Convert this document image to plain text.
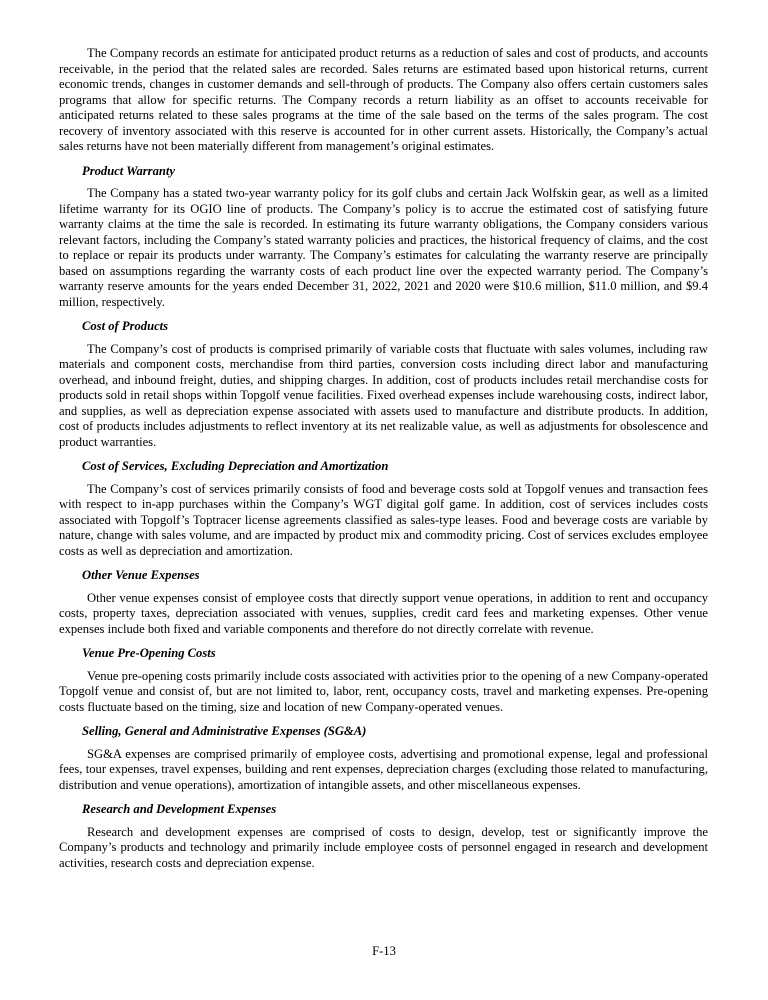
The Company records an estimate for anticipated product returns as a reduction of sales and cost of products, and accounts receivable, in the period that the related sales are recorded. Sales returns are estimated based upon historical returns, current economic trends, changes in customer demands and sell-through of products. The Company also offers certain customers sales programs that allow for specific returns. The Company records a return liability as an offset to accounts receivable for anticipated returns related to these sales programs at the time of the sale based on the terms of the sales program. The cost recovery of inventory associated with this reserve is accounted for in other current assets. Historically, the Company’s actual sales returns have not been materially different from management’s original estimates.

Product Warranty

The Company has a stated two-year warranty policy for its golf clubs and certain Jack Wolfskin gear, as well as a limited lifetime warranty for its OGIO line of products. The Company’s policy is to accrue the estimated cost of satisfying future warranty claims at the time the sale is recorded. In estimating its future warranty obligations, the Company considers various relevant factors, including the Company’s stated warranty policies and practices, the historical frequency of claims, and the cost to replace or repair its products under warranty. The Company’s estimates for calculating the warranty reserve are principally based on assumptions regarding the warranty costs of each product line over the expected warranty period. The Company’s warranty reserve amounts for the years ended December 31, 2022, 2021 and 2020 were $10.6 million, $11.0 million, and $9.4 million, respectively.

Cost of Products

The Company’s cost of products is comprised primarily of variable costs that fluctuate with sales volumes, including raw materials and component costs, merchandise from third parties, conversion costs including direct labor and manufacturing overhead, and inbound freight, duties, and shipping charges. In addition, cost of products includes retail merchandise costs for products sold in retail shops within Topgolf venue facilities. Fixed overhead expenses include warehousing costs, indirect labor, and supplies, as well as depreciation expense associated with assets used to manufacture and distribute products. In addition, cost of products includes adjustments to reflect inventory at its net realizable value, as well as adjustments for obsolescence and product warranties.

Cost of Services, Excluding Depreciation and Amortization

The Company’s cost of services primarily consists of food and beverage costs sold at Topgolf venues and transaction fees with respect to in-app purchases within the Company’s WGT digital golf game. In addition, cost of services includes costs associated with Topgolf’s Toptracer license agreements classified as sales-type leases. Food and beverage costs are variable by nature, change with sales volume, and are impacted by product mix and commodity pricing. Cost of services excludes employee costs as well as depreciation and amortization.

Other Venue Expenses

Other venue expenses consist of employee costs that directly support venue operations, in addition to rent and occupancy costs, property taxes, depreciation associated with venues, supplies, credit card fees and marketing expenses. Other venue expenses include both fixed and variable components and therefore do not directly correlate with revenue.

Venue Pre-Opening Costs

Venue pre-opening costs primarily include costs associated with activities prior to the opening of a new Company-operated Topgolf venue and consist of, but are not limited to, labor, rent, occupancy costs, travel and marketing expenses. Pre-opening costs fluctuate based on the timing, size and location of new Company-operated venues.

Selling, General and Administrative Expenses (SG&A)

SG&A expenses are comprised primarily of employee costs, advertising and promotional expense, legal and professional fees, tour expenses, travel expenses, building and rent expenses, depreciation charges (excluding those related to manufacturing, distribution and venue operations), amortization of intangible assets, and other miscellaneous expenses.

Research and Development Expenses

Research and development expenses are comprised of costs to design, develop, test or significantly improve the Company’s products and technology and primarily include employee costs of personnel engaged in research and development activities, research costs and depreciation expense.

F-13
